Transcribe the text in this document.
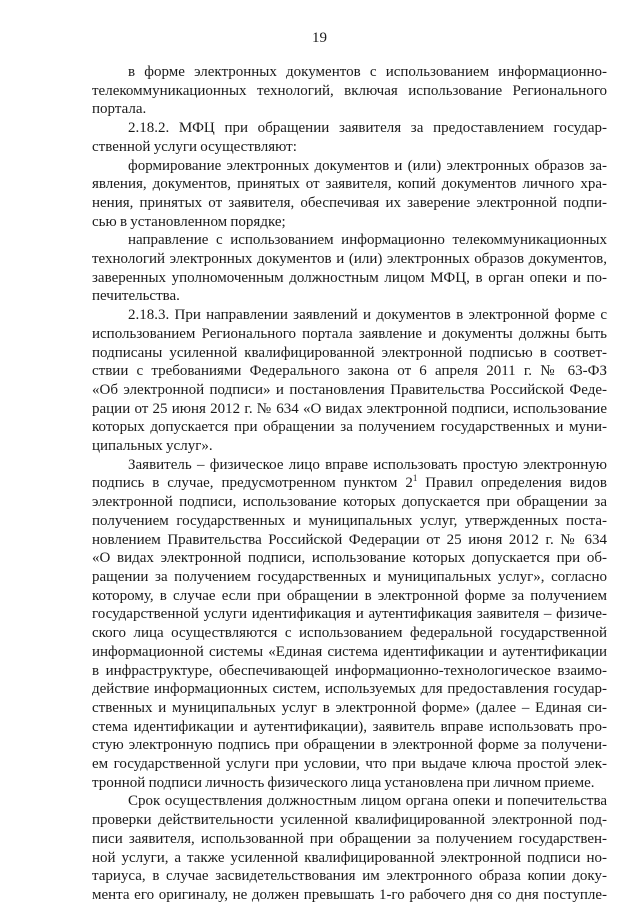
19

в форме электронных документов с использованием информационно-
телекоммуникационных технологий, включая использование Регионального
портала.

2.18.2. МФЦ при обращении заявителя за предоставлением государ-
ственной услуги осуществляют:

формирование электронных документов и (или) электронных образов за-
явления, документов, принятых от заявителя, копий документов личного хра-
нения, принятых от заявителя, обеспечивая их заверение электронной подпи-
сью в установленном порядке;

направление с использованием информационно телекоммуникационных
технологий электронных документов и (или) электронных образов документов,
заверенных уполномоченным должностным лицом МФЦ, в орган опеки и по-
печительства.

2.18.3. При направлении заявлений и документов в электронной форме с
использованием Регионального портала заявление и документы должны быть
подписаны усиленной квалифицированной электронной подписью в соответ-
ствии с требованиями Федерального закона от 6 апреля 2011 г. № 63-ФЗ
«Об электронной подписи» и постановления Правительства Российской Феде-
рации от 25 июня 2012 г. № 634 «О видах электронной подписи, использование
которых допускается при обращении за получением государственных и муни-
ципальных услуг».

Заявитель – физическое лицо вправе использовать простую электронную
подпись в случае, предусмотренном пунктом $2^1$ Правил определения видов
электронной подписи, использование которых допускается при обращении за
получением государственных и муниципальных услуг, утвержденных поста-
новлением Правительства Российской Федерации от 25 июня 2012 г. № 634
«О видах электронной подписи, использование которых допускается при об-
ращении за получением государственных и муниципальных услуг», согласно
которому, в случае если при обращении в электронной форме за получением
государственной услуги идентификация и аутентификация заявителя – физиче-
ского лица осуществляются с использованием федеральной государственной
информационной системы «Единая система идентификации и аутентификации
в инфраструктуре, обеспечивающей информационно-технологическое взаимо-
действие информационных систем, используемых для предоставления государ-
ственных и муниципальных услуг в электронной форме» (далее – Единая си-
стема идентификации и аутентификации), заявитель вправе использовать про-
стую электронную подпись при обращении в электронной форме за получени-
ем государственной услуги при условии, что при выдаче ключа простой элек-
тронной подписи личность физического лица установлена при личном приеме.

Срок осуществления должностным лицом органа опеки и попечительства
проверки действительности усиленной квалифицированной электронной под-
писи заявителя, использованной при обращении за получением государствен-
ной услуги, а также усиленной квалифицированной электронной подписи но-
тариуса, в случае засвидетельствования им электронного образа копии доку-
мента его оригиналу, не должен превышать 1-го рабочего дня со дня поступле-
